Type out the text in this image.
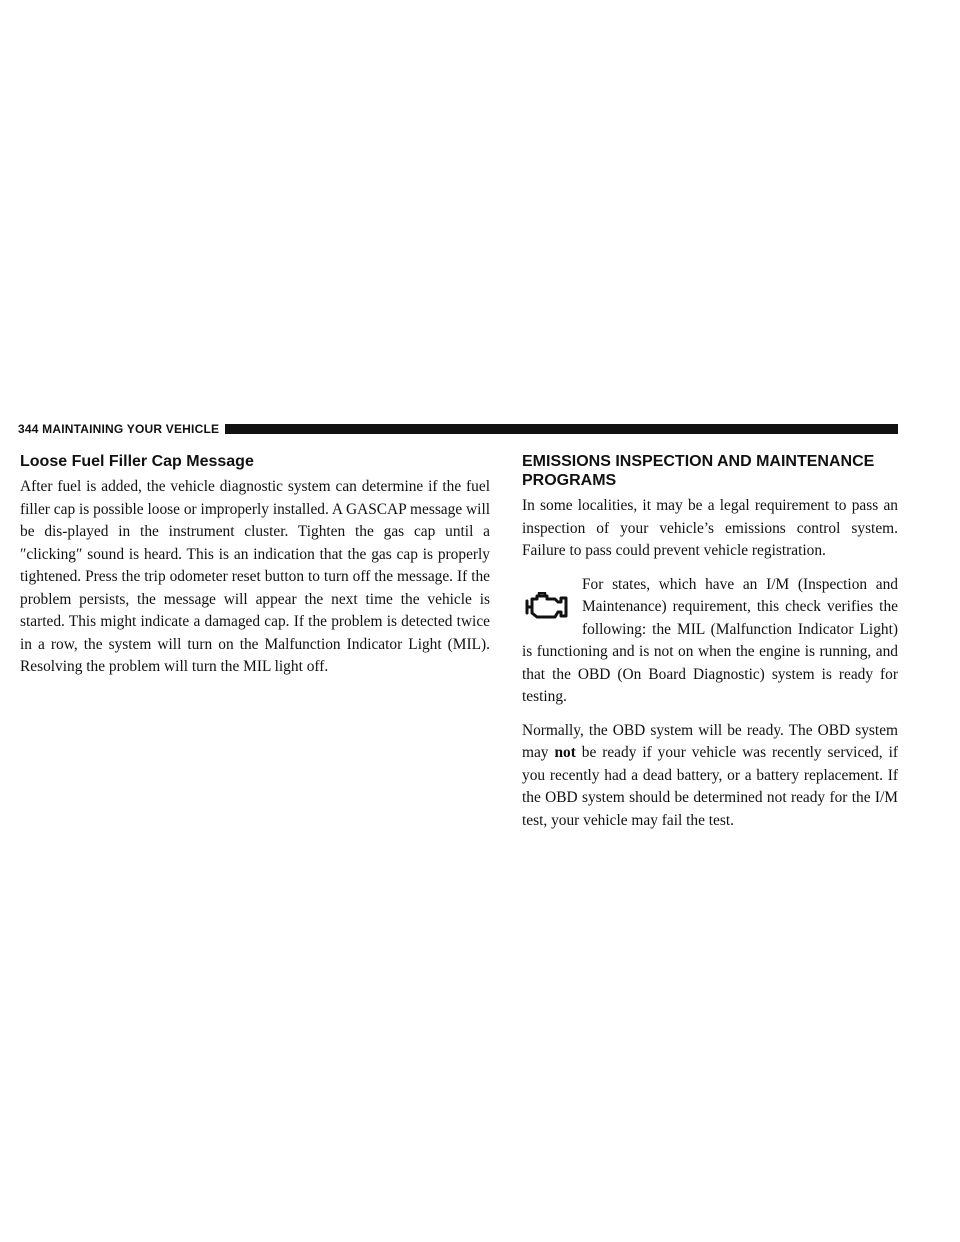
344 MAINTAINING YOUR VEHICLE
Loose Fuel Filler Cap Message

After fuel is added, the vehicle diagnostic system can determine if the fuel filler cap is possible loose or improperly installed. A GASCAP message will be dis-played in the instrument cluster. Tighten the gas cap until a ″clicking″ sound is heard. This is an indication that the gas cap is properly tightened. Press the trip odometer reset button to turn off the message. If the problem persists, the message will appear the next time the vehicle is started. This might indicate a damaged cap. If the problem is detected twice in a row, the system will turn on the Malfunction Indicator Light (MIL). Resolving the problem will turn the MIL light off.

EMISSIONS INSPECTION AND MAINTENANCE PROGRAMS

In some localities, it may be a legal requirement to pass an inspection of your vehicle’s emissions control system. Failure to pass could prevent vehicle registration.

For states, which have an I/M (Inspection and Maintenance) requirement, this check verifies the following: the MIL (Malfunction Indicator Light) is functioning and is not on when the engine is running, and that the OBD (On Board Diagnostic) system is ready for testing.

Normally, the OBD system will be ready. The OBD system may not be ready if your vehicle was recently serviced, if you recently had a dead battery, or a battery replacement. If the OBD system should be determined not ready for the I/M test, your vehicle may fail the test.
